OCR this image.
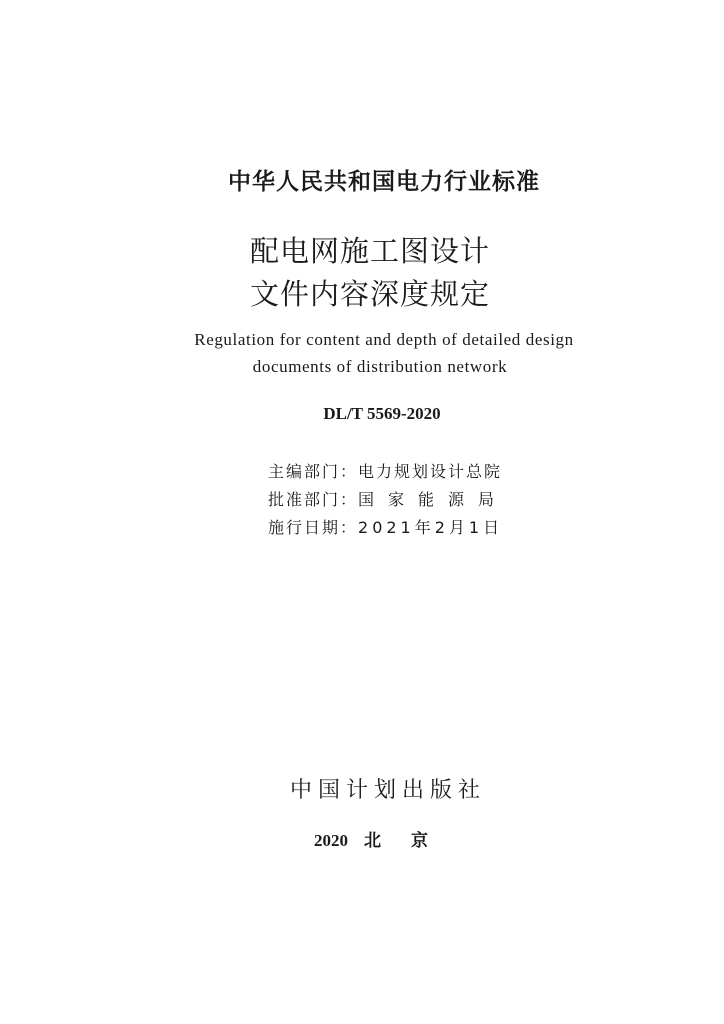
中华人民共和国电力行业标准
配电网施工图设计
文件内容深度规定
Regulation for content and depth of detailed design
documents of distribution network
DL/T 5569-2020
主编部门：电力规划设计总院
批准部门：国家能源局
施行日期：2021年2月1日
中国计划出版社
2020 北京
